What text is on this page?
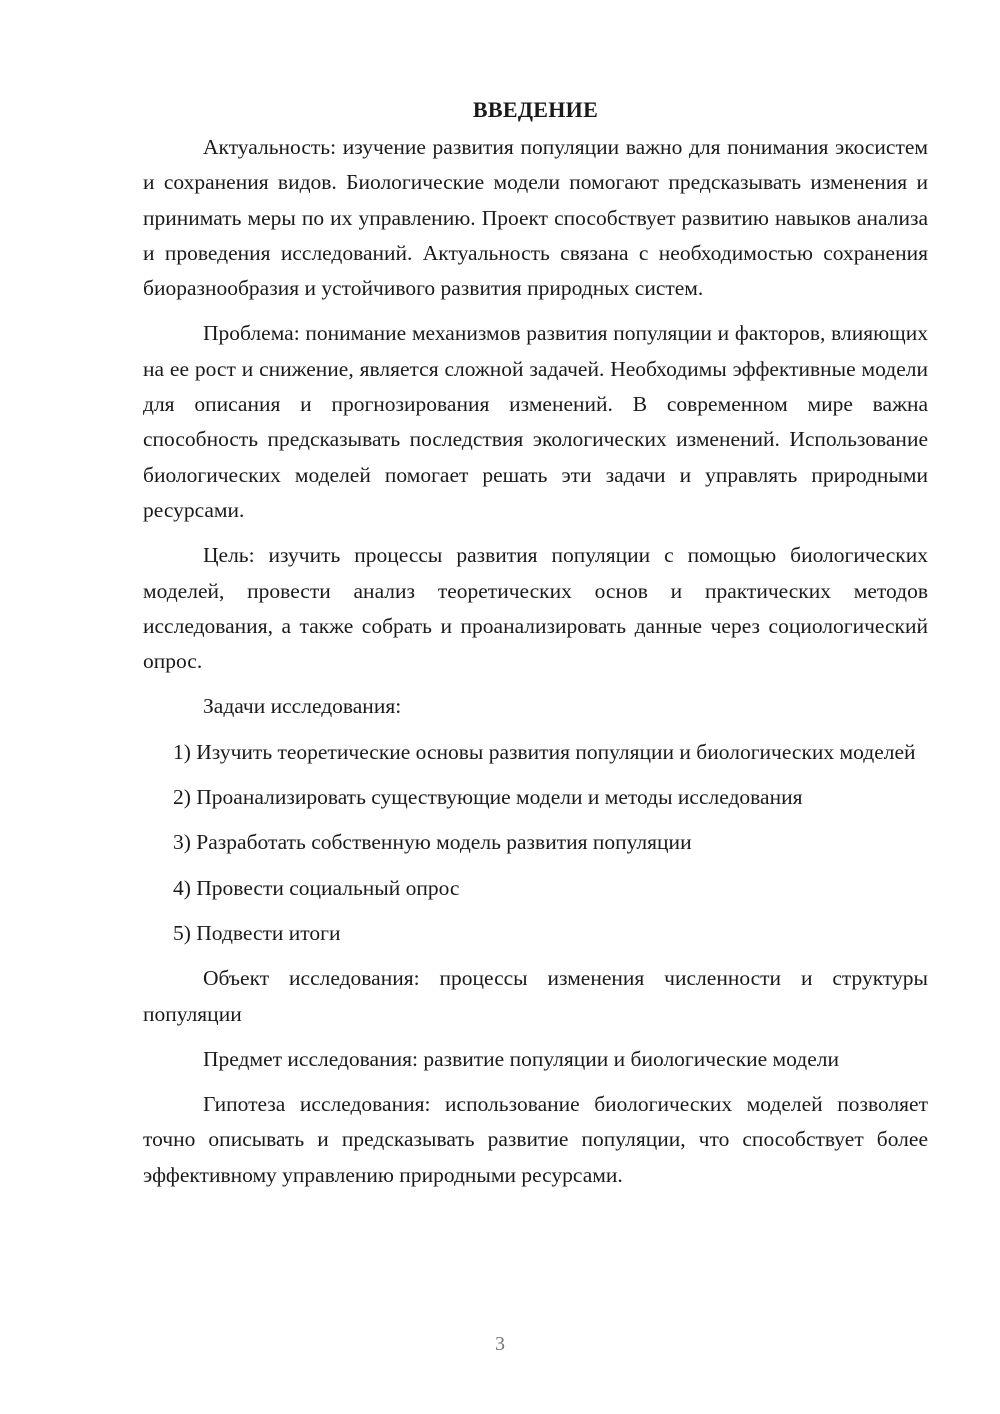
ВВЕДЕНИЕ

Актуальность: изучение развития популяции важно для понимания экосистем и сохранения видов. Биологические модели помогают предсказывать изменения и принимать меры по их управлению. Проект способствует развитию навыков анализа и проведения исследований. Актуальность связана с необходимостью сохранения биоразнообразия и устойчивого развития природных систем.

Проблема: понимание механизмов развития популяции и факторов, влияющих на ее рост и снижение, является сложной задачей. Необходимы эффективные модели для описания и прогнозирования изменений. В современном мире важна способность предсказывать последствия экологических изменений. Использование биологических моделей помогает решать эти задачи и управлять природными ресурсами.

Цель: изучить процессы развития популяции с помощью биологических моделей, провести анализ теоретических основ и практических методов исследования, а также собрать и проанализировать данные через социологический опрос.

Задачи исследования:

1) Изучить теоретические основы развития популяции и биологических моделей
2) Проанализировать существующие модели и методы исследования
3) Разработать собственную модель развития популяции
4) Провести социальный опрос
5) Подвести итоги

Объект исследования: процессы изменения численности и структуры популяции

Предмет исследования: развитие популяции и биологические модели

Гипотеза исследования: использование биологических моделей позволяет точно описывать и предсказывать развитие популяции, что способствует более эффективному управлению природными ресурсами.

3
